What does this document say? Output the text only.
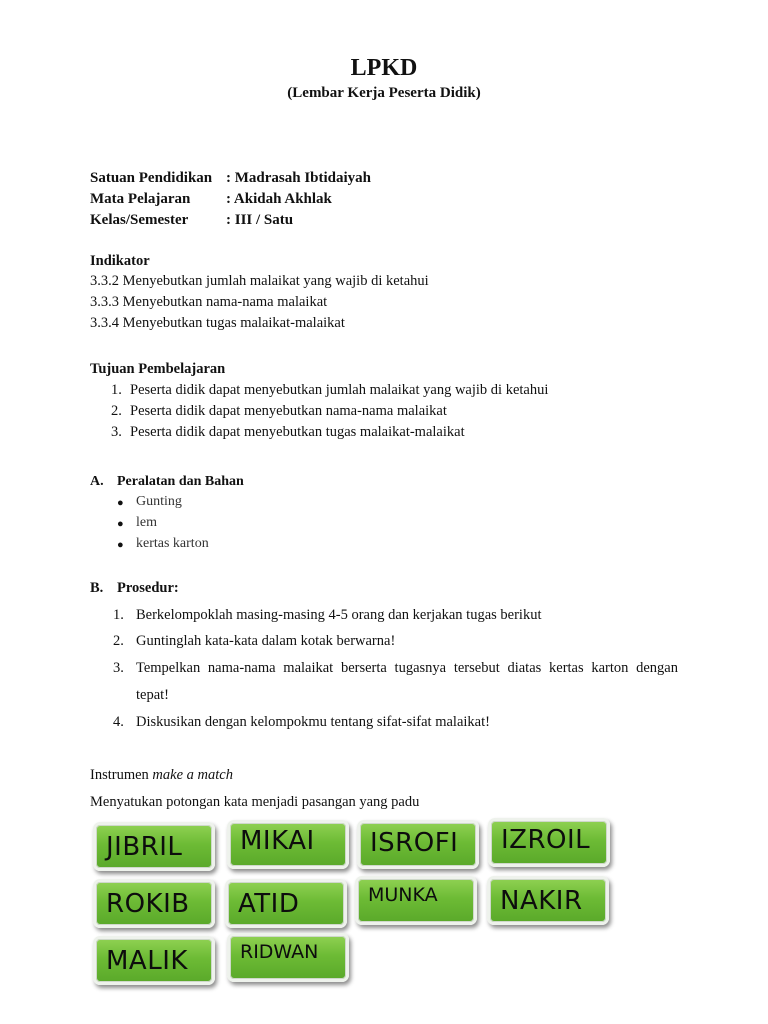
LPKD
(Lembar Kerja Peserta Didik)
Satuan Pendidikan : Madrasah Ibtidaiyah
Mata Pelajaran : Akidah Akhlak
Kelas/Semester	: III / Satu
Indikator
3.3.2 Menyebutkan jumlah malaikat yang wajib di ketahui
3.3.3 Menyebutkan nama-nama malaikat
3.3.4 Menyebutkan tugas malaikat-malaikat
Tujuan Pembelajaran
1. Peserta didik dapat menyebutkan jumlah malaikat yang wajib di ketahui
2. Peserta didik dapat menyebutkan nama-nama malaikat
3. Peserta didik dapat menyebutkan tugas malaikat-malaikat
A. Peralatan dan Bahan
● Gunting
● lem
● kertas karton
B. Prosedur:
1. Berkelompoklah masing-masing 4-5 orang dan kerjakan tugas berikut
2. Guntinglah kata-kata dalam kotak berwarna!
3. Tempelkan nama-nama malaikat berserta tugasnya tersebut diatas kertas karton dengan
tepat!
4. Diskusikan dengan kelompokmu tentang sifat-sifat malaikat!
Instrumen make a match
Menyatukan potongan kata menjadi pasangan yang padu
JIBRIL MIKAI ISROFI IZROIL
ROKIB ATID	MUNKA NAKIR
MALIK	RIDWAN
